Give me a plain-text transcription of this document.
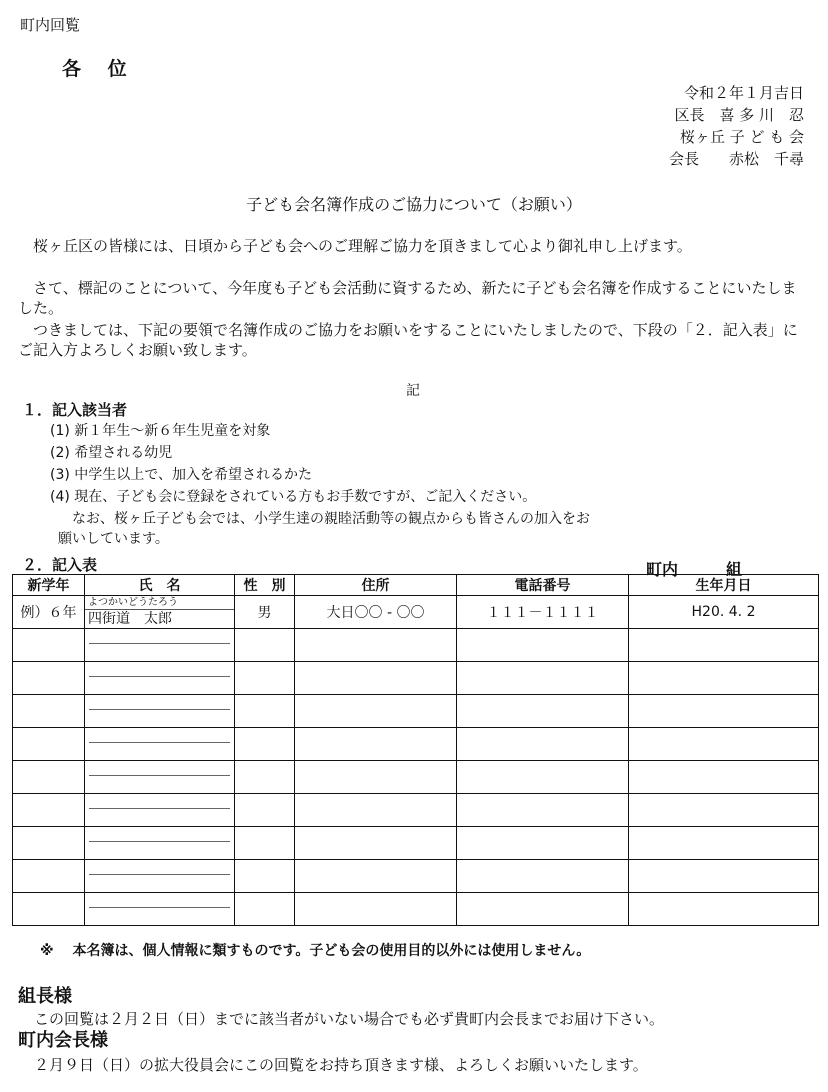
町内回覧
各 位
令和２年１月吉日
区長　喜 多 川　忍
桜ヶ丘 子 ど も 会
会長　　赤松　千尋
子ども会名簿作成のご協力について（お願い）
　桜ヶ丘区の皆様には、日頃から子ども会へのご理解ご協力を頂きまして心より御礼申し上げます。
　さて、標記のことについて、今年度も子ども会活動に資するため、新たに子ども会名簿を作成することにいたしました。
　つきましては、下記の要領で名簿作成のご協力をお願いをすることにいたしましたので、下段の「２．記入表」にご記入方よろしくお願い致します。
記
１．記入該当者
(1) 新１年生～新６年生児童を対象
(2) 希望される幼児
(3) 中学生以上で、加入を希望されるかた
(4) 現在、子ども会に登録をされている方もお手数ですが、ご記入ください。
なお、桜ヶ丘子ども会では、小学生達の親睦活動等の観点からも皆さんの加入をお
願いしています。
２．記入表	町内　　　組
新学年	氏　名	性　別	住所	電話番号	生年月日
例）６年	よつかいどうたろう
四街道　太郎	男	大日〇〇 - 〇〇	１１１－１１１１	H20. 4. 2

※　 本名簿は、個人情報に類すものです。子ども会の使用目的以外には使用しません。
組長様
この回覧は２月２日（日）までに該当者がいない場合でも必ず貴町内会長までお届け下さい。
町内会長様
２月９日（日）の拡大役員会にこの回覧をお持ち頂きます様、よろしくお願いいたします。
